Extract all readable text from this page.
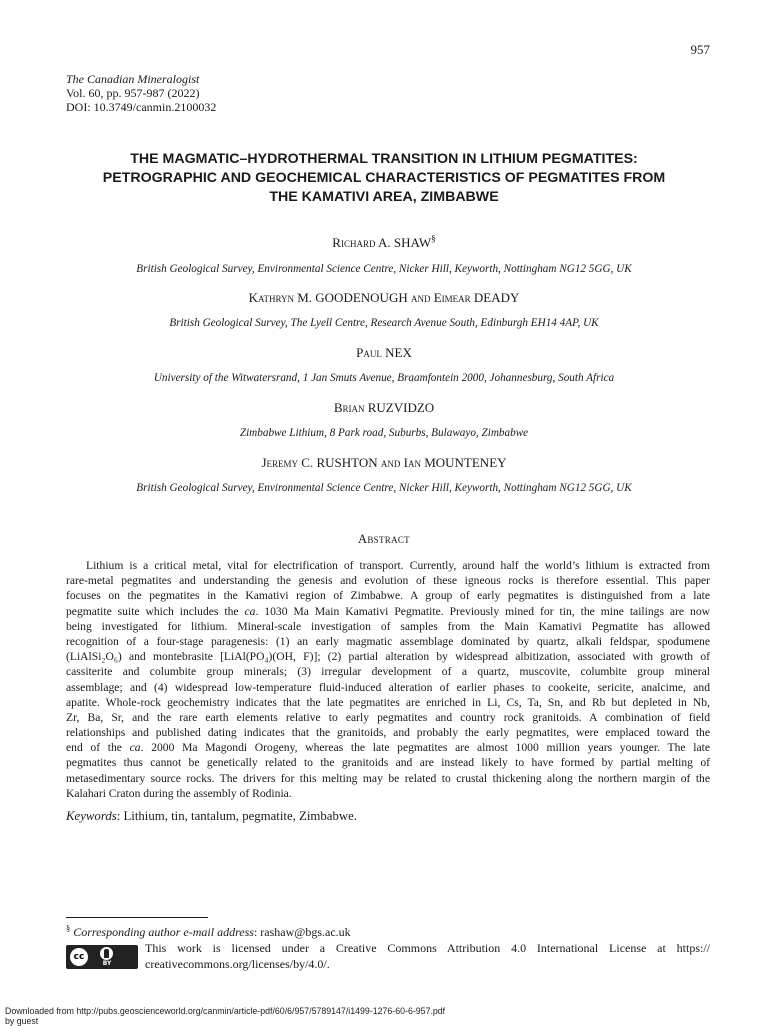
957
The Canadian Mineralogist
Vol. 60, pp. 957-987 (2022)
DOI: 10.3749/canmin.2100032
THE MAGMATIC–HYDROTHERMAL TRANSITION IN LITHIUM PEGMATITES:
PETROGRAPHIC AND GEOCHEMICAL CHARACTERISTICS OF PEGMATITES FROM
THE KAMATIVI AREA, ZIMBABWE
Richard A. SHAW§
British Geological Survey, Environmental Science Centre, Nicker Hill, Keyworth, Nottingham NG12 5GG, UK
Kathryn M. GOODENOUGH and Eimear DEADY
British Geological Survey, The Lyell Centre, Research Avenue South, Edinburgh EH14 4AP, UK
Paul NEX
University of the Witwatersrand, 1 Jan Smuts Avenue, Braamfontein 2000, Johannesburg, South Africa
Brian RUZVIDZO
Zimbabwe Lithium, 8 Park road, Suburbs, Bulawayo, Zimbabwe
Jeremy C. RUSHTON and Ian MOUNTENEY
British Geological Survey, Environmental Science Centre, Nicker Hill, Keyworth, Nottingham NG12 5GG, UK
Abstract
Lithium is a critical metal, vital for electrification of transport. Currently, around half the world’s lithium is extracted from
rare-metal pegmatites and understanding the genesis and evolution of these igneous rocks is therefore essential. This paper
focuses on the pegmatites in the Kamativi region of Zimbabwe. A group of early pegmatites is distinguished from a late
pegmatite suite which includes the ca. 1030 Ma Main Kamativi Pegmatite. Previously mined for tin, the mine tailings are now
being investigated for lithium. Mineral-scale investigation of samples from the Main Kamativi Pegmatite has allowed
recognition of a four-stage paragenesis: (1) an early magmatic assemblage dominated by quartz, alkali feldspar, spodumene
(LiAlSi₂O₆) and montebrasite [LiAl(PO₄)(OH, F)]; (2) partial alteration by widespread albitization, associated with growth of
cassiterite and columbite group minerals; (3) irregular development of a quartz, muscovite, columbite group mineral
assemblage; and (4) widespread low-temperature fluid-induced alteration of earlier phases to cookeite, sericite, analcime, and
apatite. Whole-rock geochemistry indicates that the late pegmatites are enriched in Li, Cs, Ta, Sn, and Rb but depleted in Nb,
Zr, Ba, Sr, and the rare earth elements relative to early pegmatites and country rock granitoids. A combination of field
relationships and published dating indicates that the granitoids, and probably the early pegmatites, were emplaced toward the
end of the ca. 2000 Ma Magondi Orogeny, whereas the late pegmatites are almost 1000 million years younger. The late
pegmatites thus cannot be genetically related to the granitoids and are instead likely to have formed by partial melting of
metasedimentary source rocks. The drivers for this melting may be related to crustal thickening along the northern margin of the
Kalahari Craton during the assembly of Rodinia.
Keywords: Lithium, tin, tantalum, pegmatite, Zimbabwe.
§ Corresponding author e-mail address: rashaw@bgs.ac.uk
cc
BY
This work is licensed under a Creative Commons Attribution 4.0 International License at https://
creativecommons.org/licenses/by/4.0/.
Downloaded from http://pubs.geoscienceworld.org/canmin/article-pdf/60/6/957/5789147/i1499-1276-60-6-957.pdf
by guest
